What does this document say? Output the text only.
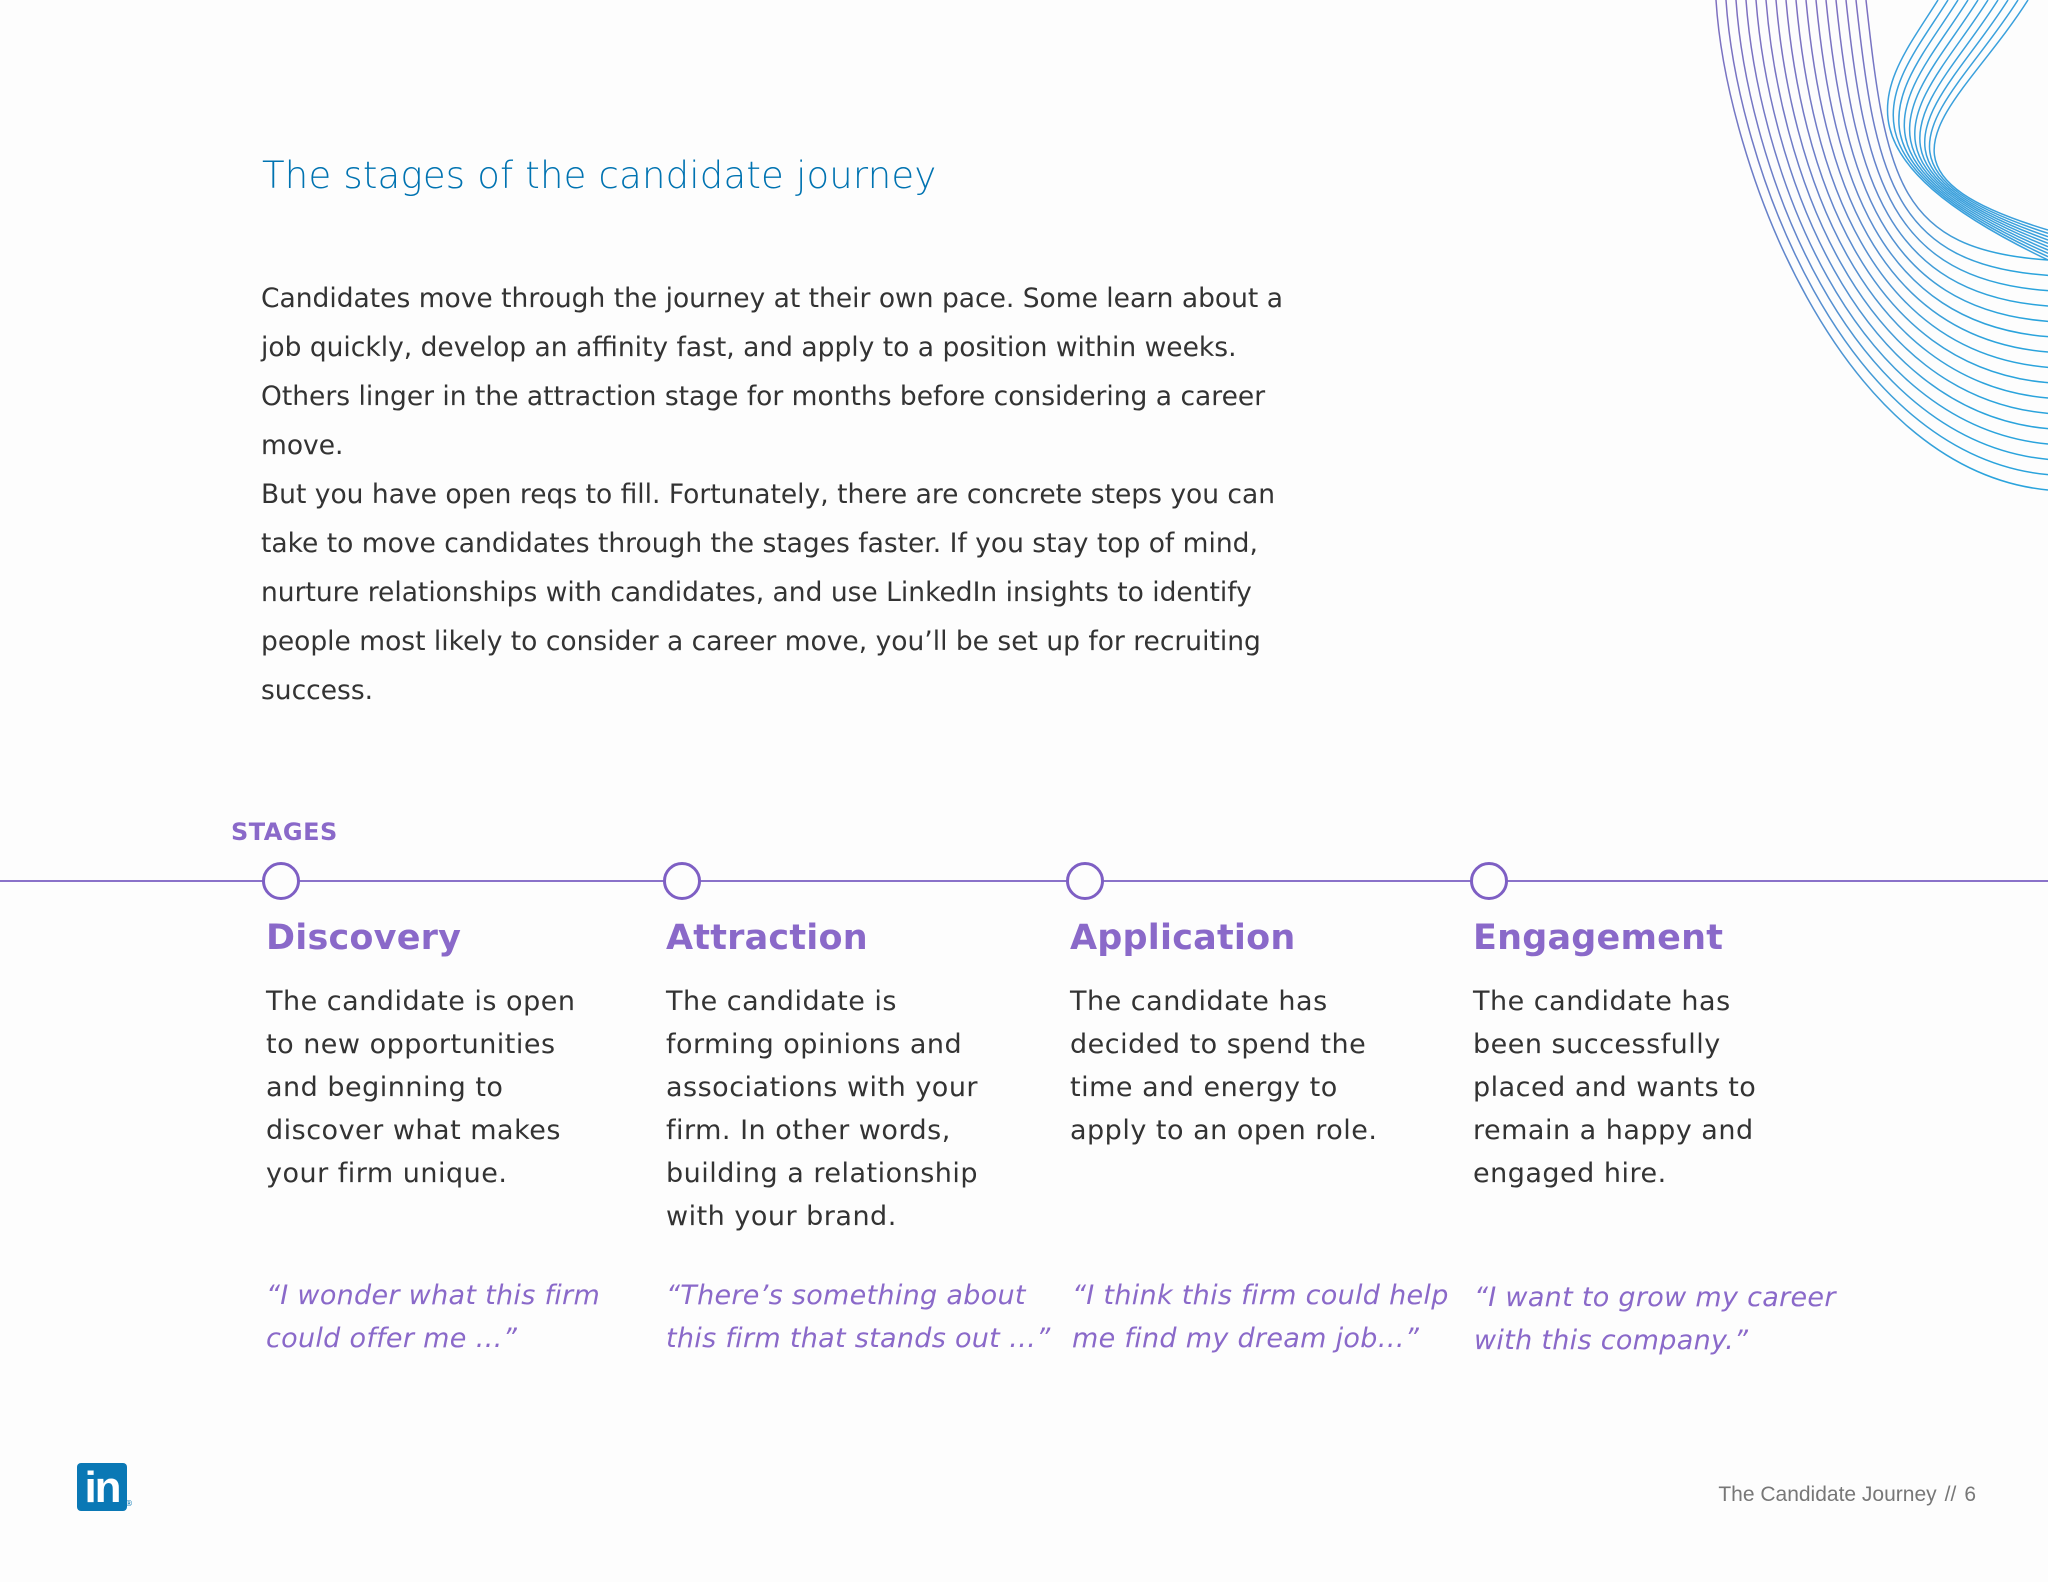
The stages of the candidate journey

Candidates move through the journey at their own pace. Some learn about a job quickly, develop an affinity fast, and apply to a position within weeks. Others linger in the attraction stage for months before considering a career move.

But you have open reqs to fill. Fortunately, there are concrete steps you can take to move candidates through the stages faster. If you stay top of mind, nurture relationships with candidates, and use LinkedIn insights to identify people most likely to consider a career move, you’ll be set up for recruiting success.

STAGES
Discovery

The candidate is open
to new opportunities
and beginning to
discover what makes
your firm unique.

“I wonder what this firm
could offer me …”

Attraction

The candidate is
forming opinions and
associations with your
firm. In other words,
building a relationship
with your brand.

“There’s something about
this firm that stands out …”

Application

The candidate has
decided to spend the
time and energy to
apply to an open role.

“I think this firm could help
me find my dream job…”

Engagement

The candidate has
been successfully
placed and wants to
remain a happy and
engaged hire.

“I want to grow my career
with this company.”

in ®	The Candidate Journey // 6
